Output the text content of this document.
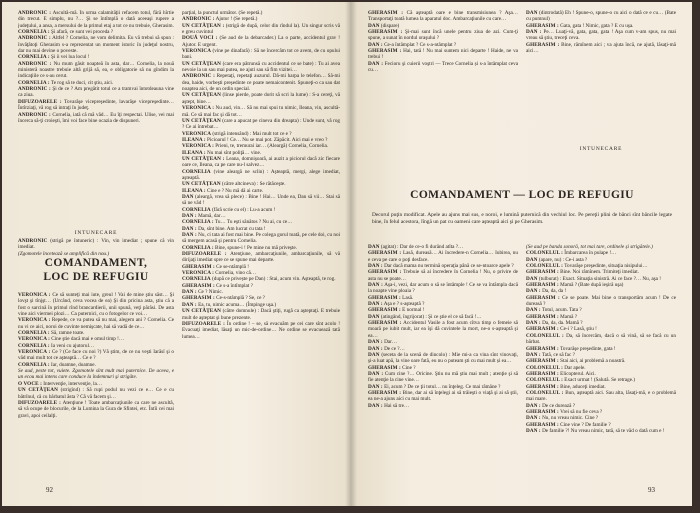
ANDRONIC : Ascultă-mă. În urma calamităţii refacem totul, fără hîrtie din trecut. E simplu, nu ?… Şi se întîmplă o dată aceeaşi rupere a judeţului, a ansa, a mersului de la primul etaj a tot ce nu trebuie, Gherasim.

CORNELIA : Şi afară, ce sunt vei proceda ?

ANDRONIC : Altfel ? Cornelia, ne vom delimita. Eu vă trebui să spun : învăţătoţi Gherasim s-a reprezentat un moment istoric în judeţul nostru, dar nu mai devine o poveste.

CORNELIA : Şi ii vei lua locul !

ANDRONIC : Nu mum găsit noapteă în asta, dar… Cornelia, la nouă ministeră noastre trebuie altă grijă să, ea, e obligatorie să nu gîndim la indicaţiile ce s-au cerut.

CORNELIA : Te rog să te duci, cit ştiu, aici.

ANDRONIC : Şi de ce ? Am pregătit totul ce a tramvai întotdeauna vine ca ziua.

DIFUZOARELE : Tovarăşe vicepreşedinte, lavarăşe vicepreşedinte… Întîrziaţi, vă rog să intraţi în judeţ.

ANDRONIC : Cornelia, iată că mă văd… Eu îţi respectai. Ulise, vei mai încerca să-ţi croieşti, îmi voi face bine ocazia de dispuneri.

INTUNECARE

ANDRONIC (strigă pe întuneric) : Vin, vin imediat ; spune că vin imediat.

(Zgomotele încetează se amplifică din nou.)

COMANDAMENT,
LOC DE REFUGIU

VERONICA : Ce să sunteţi mai iute, greul ! Vai de mine ştiu săst… Şi lovşt şi tînjşt… (Urcând, ceva vocea de ea) Şi din pricina asta, ştiu că a fost o sarcină în primul rînd brancardierii, unii spună, veţi părăsi. De asta vine aici viermei plozi… Ca puternici, cu o fotogelor ce voi…

VERONICA : Repede, ce va putea să nu mai, alegem ani ? Cornelia. Ce nu vi ce aici, noroi de cuvinte nemişcate, hai să vadă de ce…

CORNELIA : Să, ramne toate.

VERONICA : Cine ştie dacă mai e omul timp !…

CORNELIA : Ia veni cu ajutorul…

VERONICA : Ce ? (Ce face cu noi ?) Vă ştim, de ce nu veşti Iarăsî şi o văd mai mult tot ce aşteaptă… Ce e ?

CORNELIA : Iar, doamne, doamne.

Se aud, peste tot, vuiete. Zgomotele sînt mult mai puternice. De aceea, e un ecou mai intens care conduce la îndemnuri şi strigăte.

O VOCE : Intervenţie, intervenţie, la…

UN CETĂŢEAN (strigînd) : Să rupi podul nu vezi ce e… Ce e cu bătrînul, că cu bărbatul ăsta ? Că vă facem şi…

DIFUZOARELE : Atenţiune ! Toate ambarcaţiunile ca care ne ascultă, să vă ocupe de blocurile, de la Lumina la Gura de Sfintei, etc. Întîi cei mai gravi, apoi ceilalţi.

parţial, la punctul următor. (Se repetă.)

ANDRONIC : Ajutor ! (Se repetă.)

UN CETĂŢEAN : (strigă de după, celor din rîndul la). Un singur scris vă e greu cuvintul

DOUĂ VOCI : (Se aud de la debarcader.) La o parte, accidentul grav ! Ajutor. E urgent.

VERONICA (vine pe dinafară) : Să ne încercăm tot ce avem, de cu opului bani.

UN CETĂŢEAN (care era pătrunsă cu accidentul ce se bate) : Tu ai avea nevoie la un sau mai putea, ne ajuti sau să fim vizitei…

ANDRONIC : Repetaţi, repetaţi auzurul. Dă-mi harpa le telefon… Să-mi dea, haide, vorbeşti preşedinte ce poate nemaicontenit. Spuneţi-o ca sau dat noaptea aici, de un ordin special.

UN CETĂŢEAN (linse pierde, poate dorit să scri la lume) : S-a cereţi, vă aştept, bine…

VERONICA : Nu aud, vin… Să nu mai spui tu nimic, Ileana, vin, ascultă-mă. Ce să mai fac şi dă tot…

UN CETĂŢEAN (care a apucat pe cineva din dreapta) : Unde sunt, vă rog ? Ce ai întrebat…

VERONICA (strigă intensând) : Mai mult tot ce e ?

ILEANA : Picioarul ! Ce… Nu se mai pot. Zăpăcit. Aici mai e vreo ?

VERONICA : Prieni, te, tremurai iar… (Aleargă) Cornelia, Cornelia.

ILEANA : Nu mai sînt poliţă… vine.

UN CETĂŢEAN : Leana, domnişoară, ai auzit a piciorul dacă zic fiecare oare ce, Ileana, ca pe care nu-l salvez…

CORNELIA (vine aleargă ne sclin) : Aşteaptă, mergi, alege imediat, aşteaptă.

UN CETĂŢEAN (către altcineva) : Se rătăceşte.

ILEANA : Cine e ? Nu mă dă ai carte.

DAN (aleargă, vrea să plece) : Bine ! Hai… Unde ea, Dan să vii… Stai să să ne văd !

CORNELIA (fără scrie cu el) : Lu-a acum !

DAN : Mamă, dar…

CORNELIA : Tu… Tu eşti sănătos ? Nu ai, cu ce…

DAN : Da, sînt bine. Am lucrat cu tata !

DAN : Nu, ci tata ai fost mai bine. Pe colega gorul toată, pe cele doi, cu noi să mergem acasă şi pentru Cornelia.

CORNELIA : Bine, spune-i ! Pe mine nu mă priveşte.

DIFUZOARELE : Atenţiune, ambarcaţiunile, ambarcaţiunile, să vă dirijaţi imediat spre ce se spune mai departe.

GHERASIM : Ce se-ntâmplă !

VERONICA : Cornelia, vino că…

CORNELIA (după ce privește pe Dan) : Stai, acum vin. Aşteaptă, te rog.

GHERASIM : Ce s-a întîmplat ?

DAN : Ce ? Nimic.

GHERASIM : Ce-s-ntâmplă ? Se, ce ?

DAN : Ea, tu, nimic acuma… (Împinge uşa.)

UN CETĂŢEAN (către domnule) : Dacă ştiţi, rugă ca aşteptaţi. E trebuie mult de aşteptat şi bune prezente.

DIFUZOARELE : În ordine ! – se, să evacuăm pe cei care sînt acolo ! Evacuaţi imediat, lăsaţi un mic-de-ordine… Ne ordine se evacuează tată lumea…

92

GHERASIM : Că aşteaptă oare e bine transmisiunea ? Aşa… Transportaţi toată lumea la aparatul doc. Ambarcaţiunile cu care…

DAN (dispare)

GHERASIM : Şi-mai sunt încă unele pentru ziua de azi. Cum-ţi spune, a sunat în nordul oraşului ?

DAN : Ce-a întâmplat ? Ce s-a-ntâmplat ?

GHERASIM : Hai, tată ! Nu mai suntem nici departe ! Haide, ne va trebui !

DAN : Fecioru şi cuierii voştri — Trece Cornelia și s-a întâmplat ceva cu…

DAN (dintrodată) Eh ! Spune-o, spune-o cu aici o dată ce e cu… (Bate cu pumnul)

GHERASIM : Gata, gata ! Nimic, gata ? E cu uşa.

DAN : Pe… Luaţi-vă, gata, gata, gata ! Aşa cum v-am spus, nu mai vreau să ştiu, treceţi ceva.

GHERASIM : Bine, rămînem aici ; va ajuta încă, ne ajută, lăsaţi-mă aici…

INTUNECARE
COMANDAMENT — LOC DE REFUGIU
Decorul puţin modificat. Apele au ajuns mai sus, e noroi, e lumină puternică din vechiul loc. Pe pereţii plini de bănci sînt băncile legate bine, în felul acestora, lîngă un pat cu oameni care aşteaptă aici şi pe Gherasim.

DAN (agitat) : Dar de ce-o fi durând atîta ?…

GHERASIM : Lasă, dureasă… Ai încredere-n Cornelia… Iubirea, nu e ceva pe care o poţi desface.

DAN : Dar dacă mama nu termină operaţia până ce se-ntoarce apele ?

GHERASIM : Trebuie să ai încredere în Cornelia ! Nu, o privire de asta nu se poate…

DAN : Aşa-i, vezi, dar acum o să se întâmple ! Ce se va întâmpla dacă la noapte vine ploaia ?

GHERASIM : Lasă.

DAN : Aşa e ? s-aşteaptă ?

GHERASIM : E normal !

DAN (atingând, îngrijorat) : Şi ce ştie el ce să facă !…

GHERASIM : Accidentul Vasile a fost acum cîtva timp o femeie să moară pe iubit mult, iar ea îşi dă cuvintele la mort, ne-o s-aşteaptă şi ea…

DAN : Dar…

DAN : De ce ?…

DAN (seceta de la scenă de dincolo) : Mie mi-a ca vina sînt vinovaţi, şi-a luat apă, la vine oare fată, eu nu o puteam şti cu mai mult și ea…

GHERASIM : Cine ?

DAN : Cum cine ?… Oricine. Ştiu nu mă ştiu mai mult ; atenţie şi să fie atenţie la cine vine…

DAN : Ei, acum ? De ce ţii totul… nu înţeleg. Ce mai rămâne ?

GHERASIM : Bine, dar ai să înţelegi ai să trăieşti o viaţă şi ai să ştii, ea ne-a ajuns aici cu mai mult.

DAN : Hai să tre…

(Se aud pe banda sonoră, tot mai tare, ordinele și strigătele.)

COLONELUL : Îmbarcarea în pulape !…

DAN (apare, nu) : Ce-i asta ?

COLONELUL : Tovarăşe preşedinte, situaţia nisipului…

GHERASIM : Bine. Noi rămînem. Trimiteţi imediat.

DAN (tulburat) : Exact. Situaţia sinistră. Ai ce face ?… Nu, aşa !

GHERASIM : Mamă ? (Bate după ieşiră uşa)

DAN : Da, da, da !

GHERASIM : Ce se poate. Mai bine o transportăm acum ! De ce dureasă ?

DAN : Totul, acum. Tata ?

GHERASIM : Mamă ?

DAN : Da, da, da. Mamă ?

GHERASIM : Ce-i ? Lasă, ştiu !

COLONELUL : Da, să încercăm, dacă o să vină, să se facă cu un bărbat.

GHERASIM : Tovarăşe preşedinte, gata !

DAN : Tată, ce să fac ?

GHERASIM : Stai aici, ai problemă a noastră.

COLONELUL : Dar apele.

GHERASIM : Elicopterul. Aici.

COLONELUL : Exact urmat ! (Salută. Se retrage.)

GHERASIM : Bine, aduceţi imediat.

COLONELUL : Bun, aşteaptă aici. Sau alta, lăsaţi-mă, e o problemă mai mare.

DAN : De ce durează ?

GHERASIM : Vrei să nu fie ceva ?

DAN : Nu, nu vreau nimic. Cine ?

GHERASIM : Cine vine ? De familie ?

DAN : De familie ?! Nu vreau nimic, tată, să te văd o dată cum e !

93
